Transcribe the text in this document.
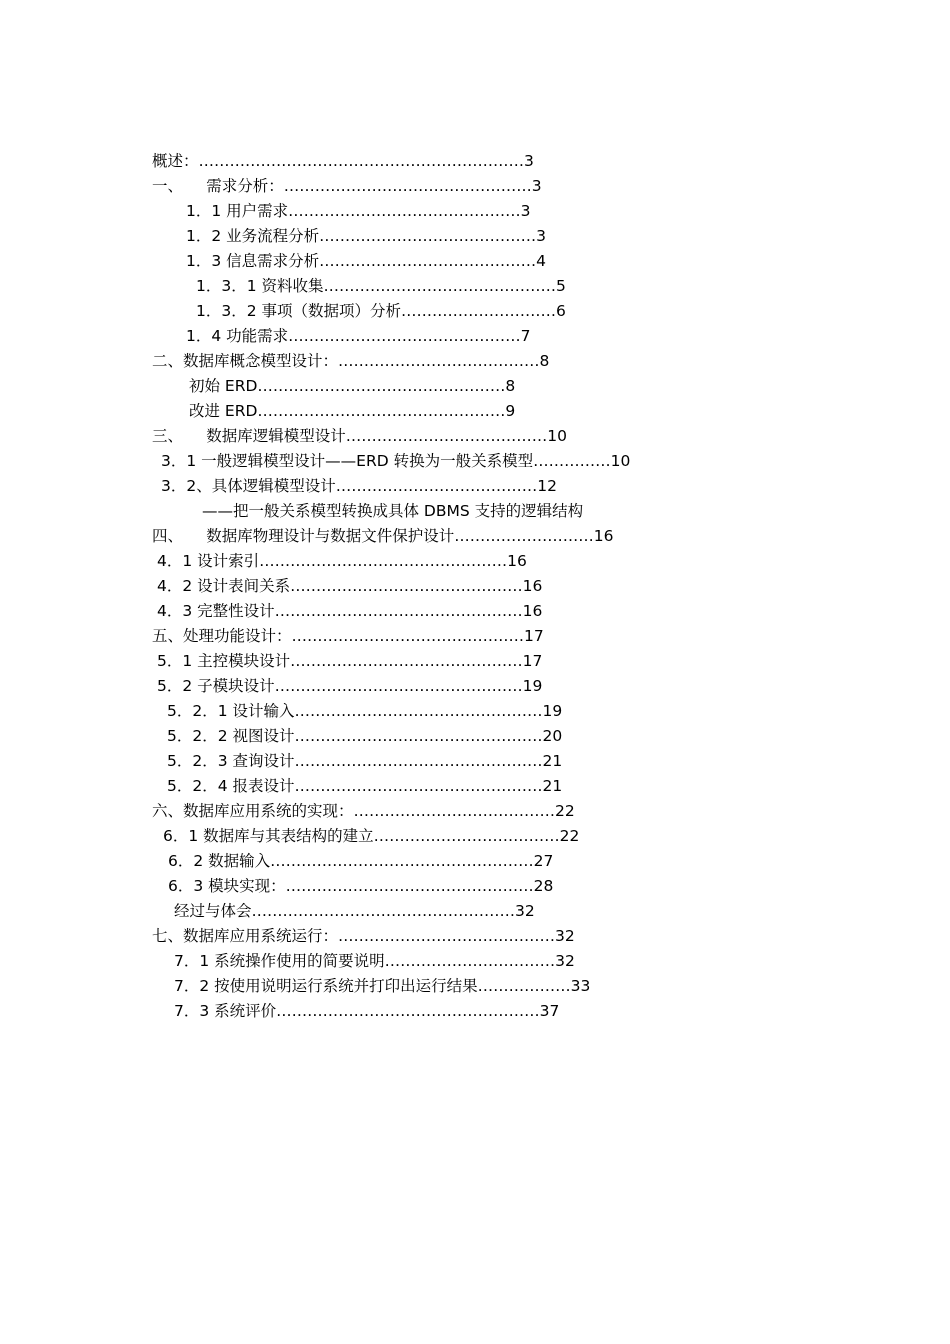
概述：………………………………………………………3
一、　　需求分析：…………………………………………3
1．1 用户需求………………………………………3
1．2 业务流程分析……………………………………3
1．3 信息需求分析……………………………………4
1．3．1 资料收集………………………………………5
1．3．2 事项（数据项）分析…………………………6
1．4 功能需求………………………………………7
二、数据库概念模型设计：…………………………………8
初始 ERD…………………………………………8
改进 ERD…………………………………………9
三、　　数据库逻辑模型设计…………………………………10
3．1 一般逻辑模型设计——ERD 转换为一般关系模型……………10
3．2、具体逻辑模型设计…………………………………12
——把一般关系模型转换成具体 DBMS 支持的逻辑结构
四、　　数据库物理设计与数据文件保护设计………………………16
4．1 设计索引…………………………………………16
4．2 设计表间关系………………………………………16
4．3 完整性设计…………………………………………16
五、处理功能设计：………………………………………17
5．1 主控模块设计………………………………………17
5．2 子模块设计…………………………………………19
5．2．1 设计输入…………………………………………19
5．2．2 视图设计…………………………………………20
5．2．3 查询设计…………………………………………21
5．2．4 报表设计…………………………………………21
六、数据库应用系统的实现：…………………………………22
6．1 数据库与其表结构的建立………………………………22
6．2 数据输入……………………………………………27
6．3 模块实现：…………………………………………28
经过与体会……………………………………………32
七、数据库应用系统运行：……………………………………32
7．1 系统操作使用的简要说明……………………………32
7．2 按使用说明运行系统并打印出运行结果………………33
7．3 系统评价……………………………………………37
